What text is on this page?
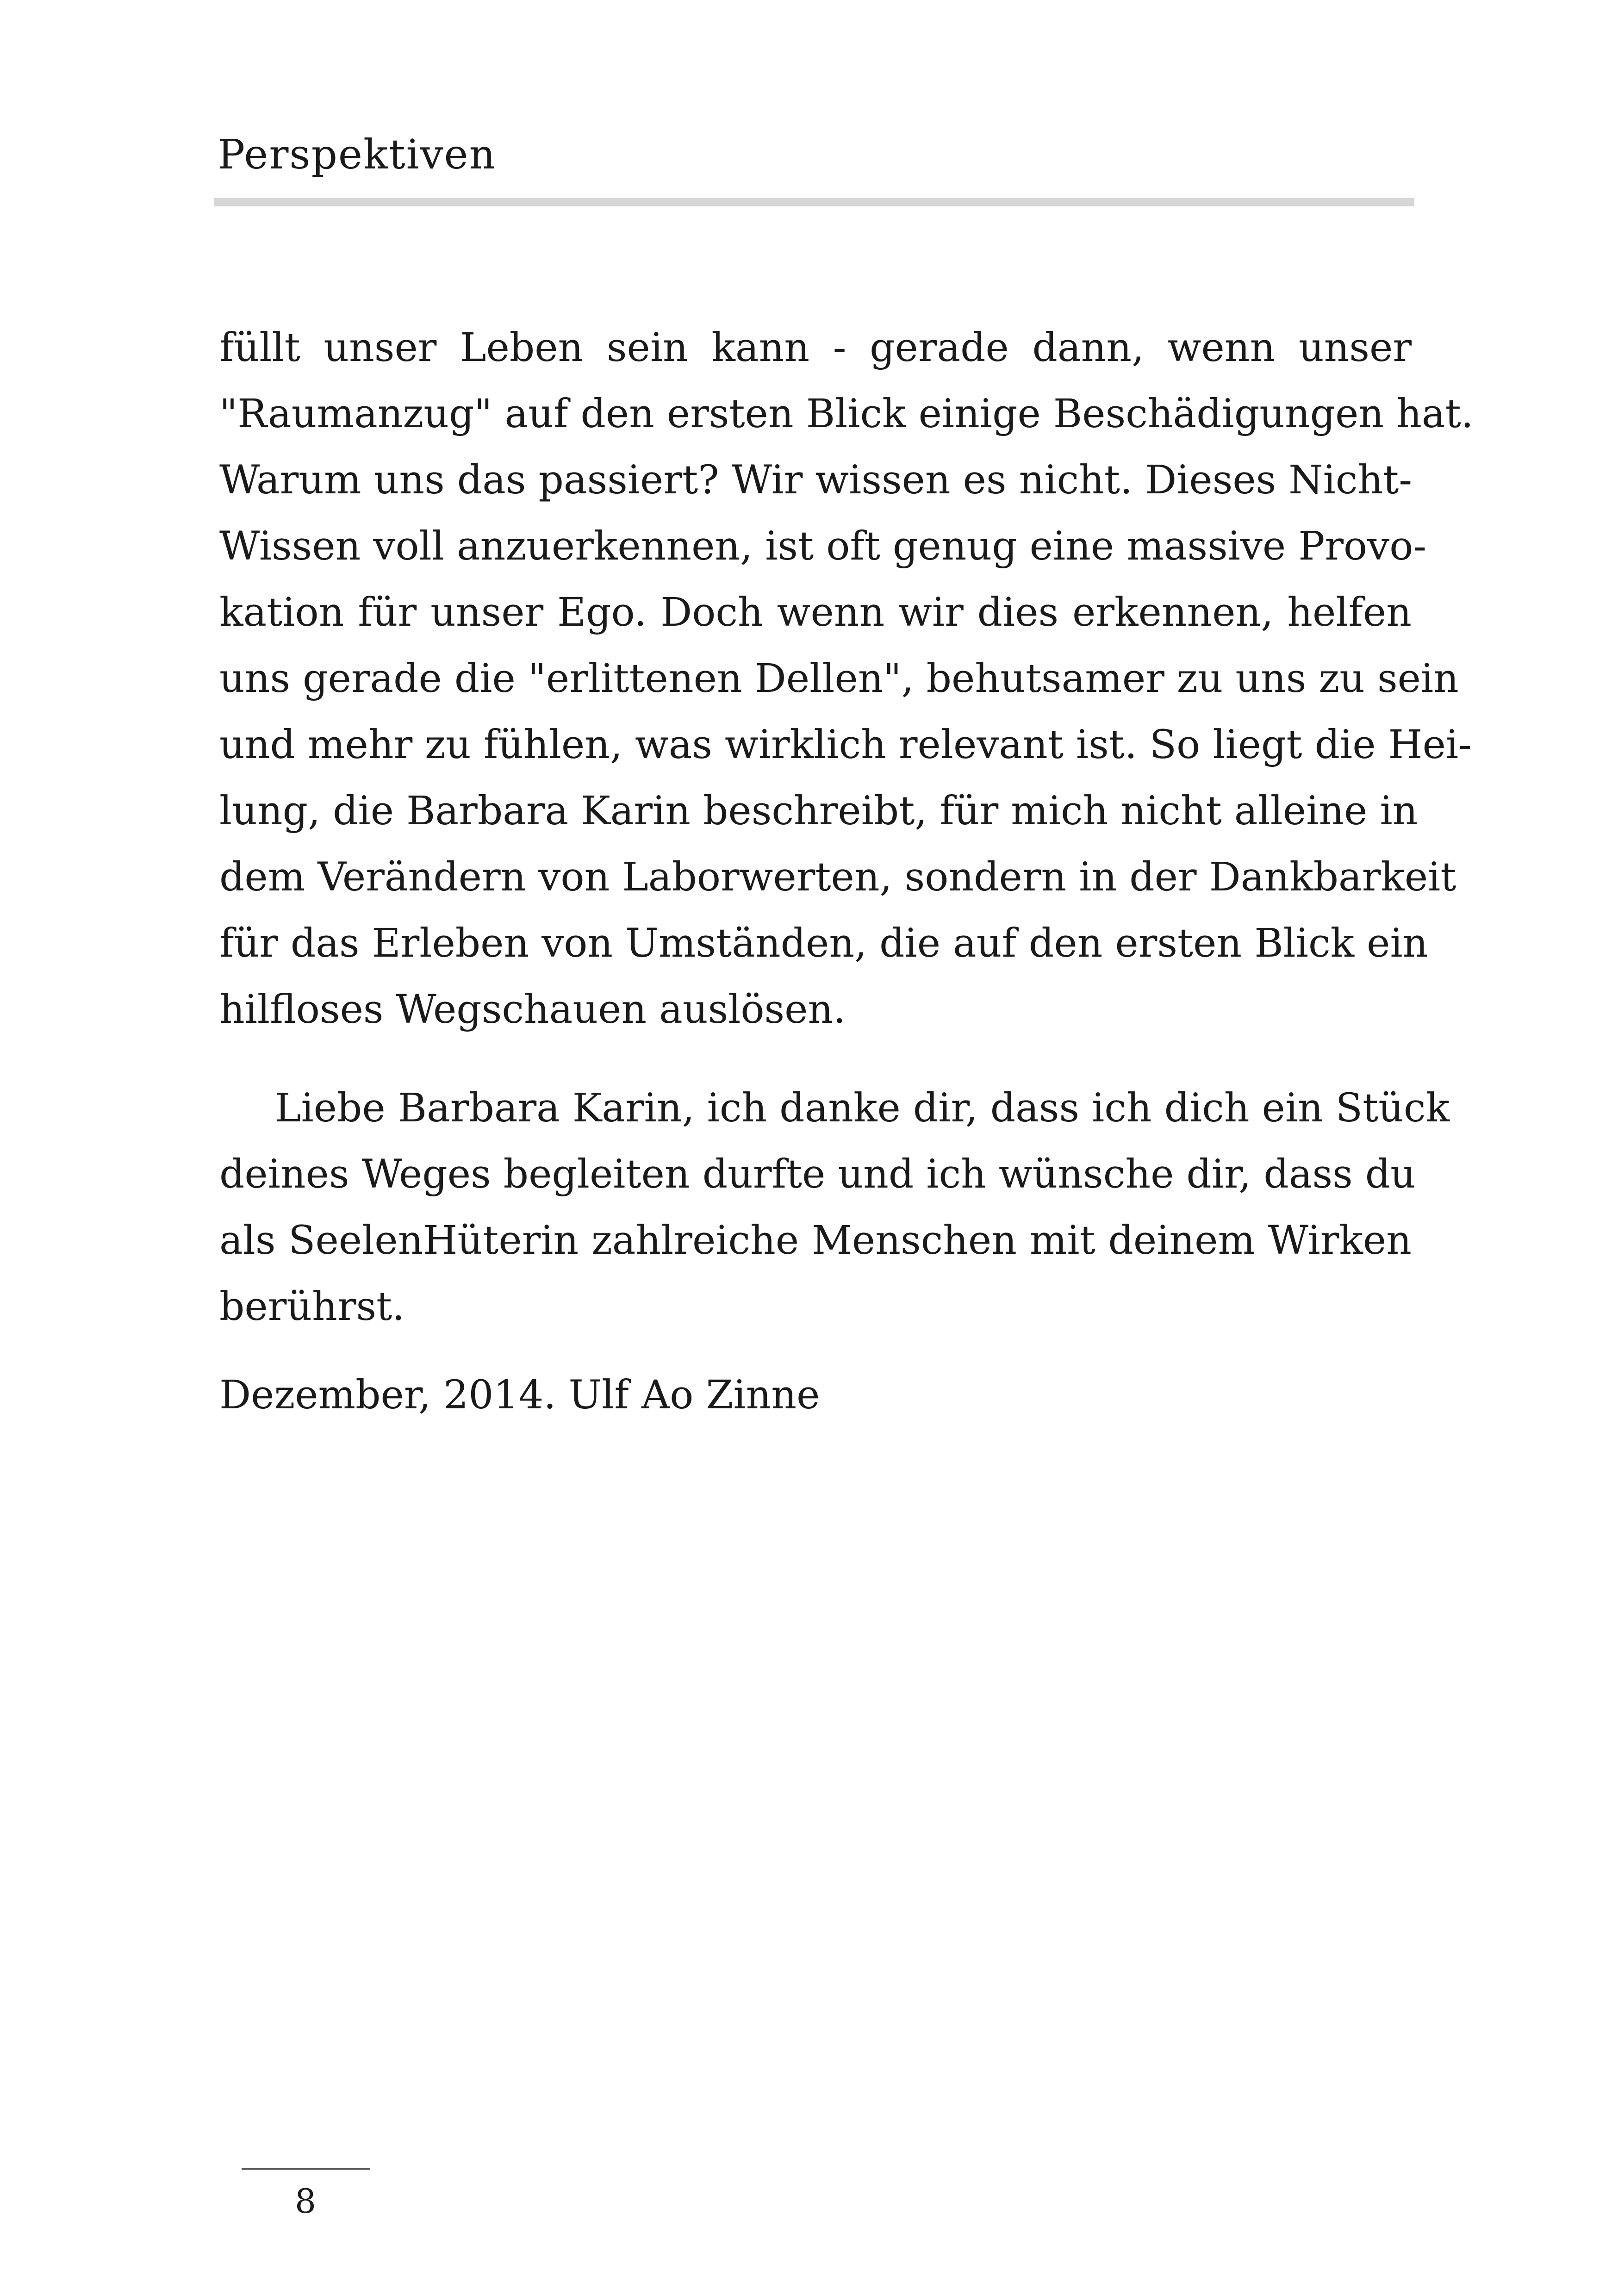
Perspektiven
füllt unser Leben sein kann - gerade dann, wenn unser
"Raumanzug" auf den ersten Blick einige Beschädigungen hat.
Warum uns das passiert? Wir wissen es nicht. Dieses Nicht-
Wissen voll anzuerkennen, ist oft genug eine massive Provo-
kation für unser Ego. Doch wenn wir dies erkennen, helfen
uns gerade die "erlittenen Dellen", behutsamer zu uns zu sein
und mehr zu fühlen, was wirklich relevant ist. So liegt die Hei-
lung, die Barbara Karin beschreibt, für mich nicht alleine in
dem Verändern von Laborwerten, sondern in der Dankbarkeit
für das Erleben von Umständen, die auf den ersten Blick ein
hilfloses Wegschauen auslösen.
Liebe Barbara Karin, ich danke dir, dass ich dich ein Stück
deines Weges begleiten durfte und ich wünsche dir, dass du
als SeelenHüterin zahlreiche Menschen mit deinem Wirken
berührst.
Dezember, 2014. Ulf Ao Zinne
8
